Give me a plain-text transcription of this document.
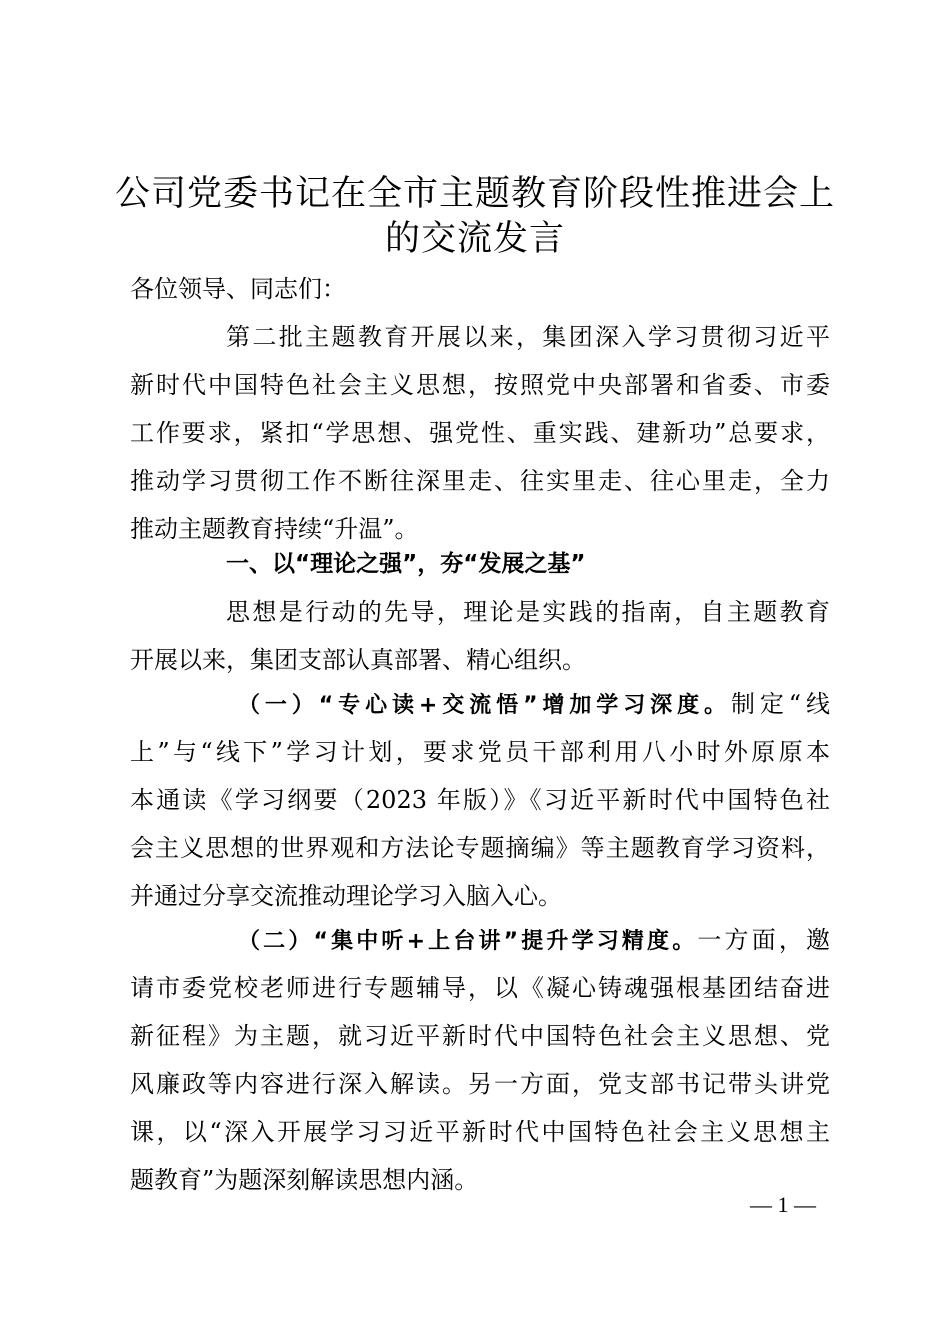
公司党委书记在全市主题教育阶段性推进会上
的交流发言

各位领导、同志们：

第二批主题教育开展以来，集团深入学习贯彻习近平
新时代中国特色社会主义思想，按照党中央部署和省委、市委
工作要求，紧扣“学思想、强党性、重实践、建新功”总要求，
推动学习贯彻工作不断往深里走、往实里走、往心里走，全力
推动主题教育持续“升温”。
一、以“理论之强”，夯“发展之基”
思想是行动的先导，理论是实践的指南，自主题教育
开展以来，集团支部认真部署、精心组织。
（一）“专心读+交流悟”增加学习深度。制定“线
上”与“线下”学习计划，要求党员干部利用八小时外原原本
本通读《学习纲要（2023 年版）》《习近平新时代中国特色社
会主义思想的世界观和方法论专题摘编》等主题教育学习资料，
并通过分享交流推动理论学习入脑入心。
（二）“集中听+上台讲”提升学习精度。一方面，邀
请市委党校老师进行专题辅导，以《凝心铸魂强根基团结奋进
新征程》为主题，就习近平新时代中国特色社会主义思想、党
风廉政等内容进行深入解读。另一方面，党支部书记带头讲党
课，以“深入开展学习习近平新时代中国特色社会主义思想主
题教育”为题深刻解读思想内涵。
— 1 —
